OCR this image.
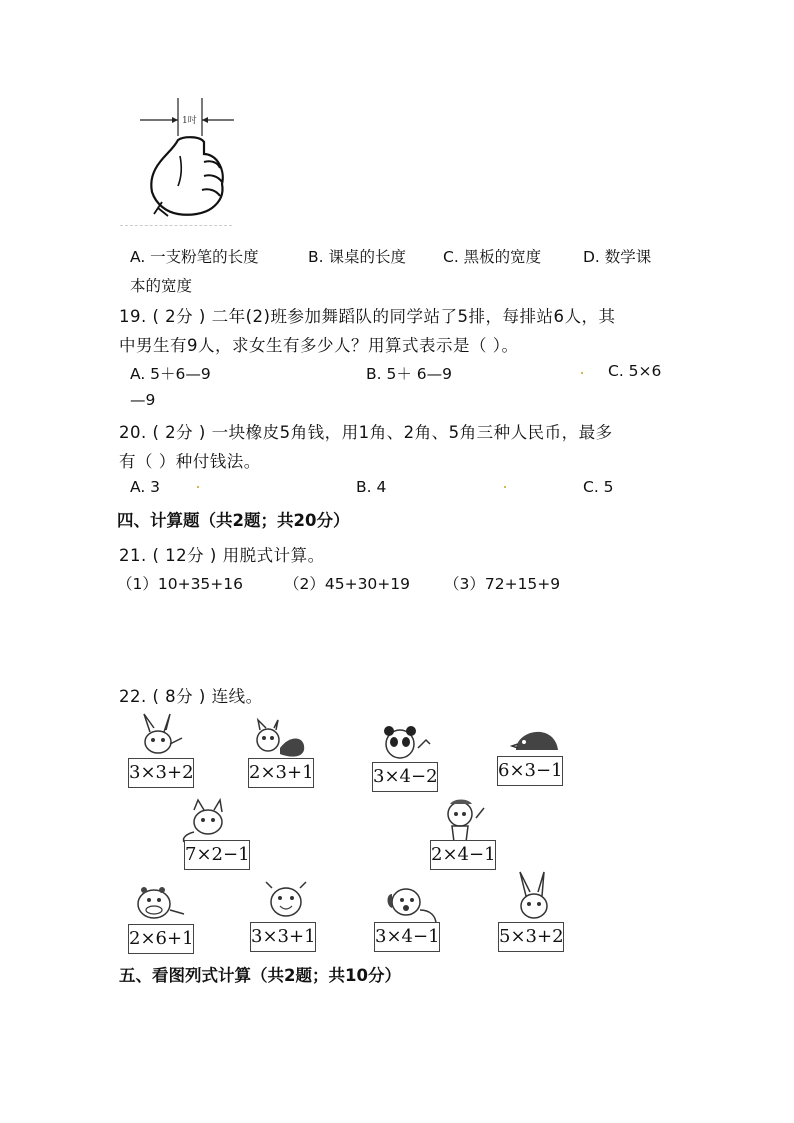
1吋
A. 一支粉笔的长度	B. 课桌的长度 C. 黑板的宽度	D. 数学课
本的宽度
19. ( 2分 ) 二年(2)班参加舞蹈队的同学站了5排，每排站6人，其
中男生有9人，求女生有多少人？用算式表示是（ ）。
A. 5＋6—9	B. 5＋ 6—9	C. 5×6
—9
20. ( 2分 ) 一块橡皮5角钱，用1角、2角、5角三种人民币，最多
有（ ）种付钱法。
A. 3	B. 4	C. 5
四、计算题（共2题；共20分）
21. ( 12分 ) 用脱式计算。
（1）10+35+16	（2）45+30+19 （3）72+15+9
22. ( 8分 ) 连线。
3×3+2	2×3+1	3×4−2	6×3−1
7×2−1	2×4−1
2×6+1	3×3+1	3×4−1	5×3+2
五、看图列式计算（共2题；共10分）
